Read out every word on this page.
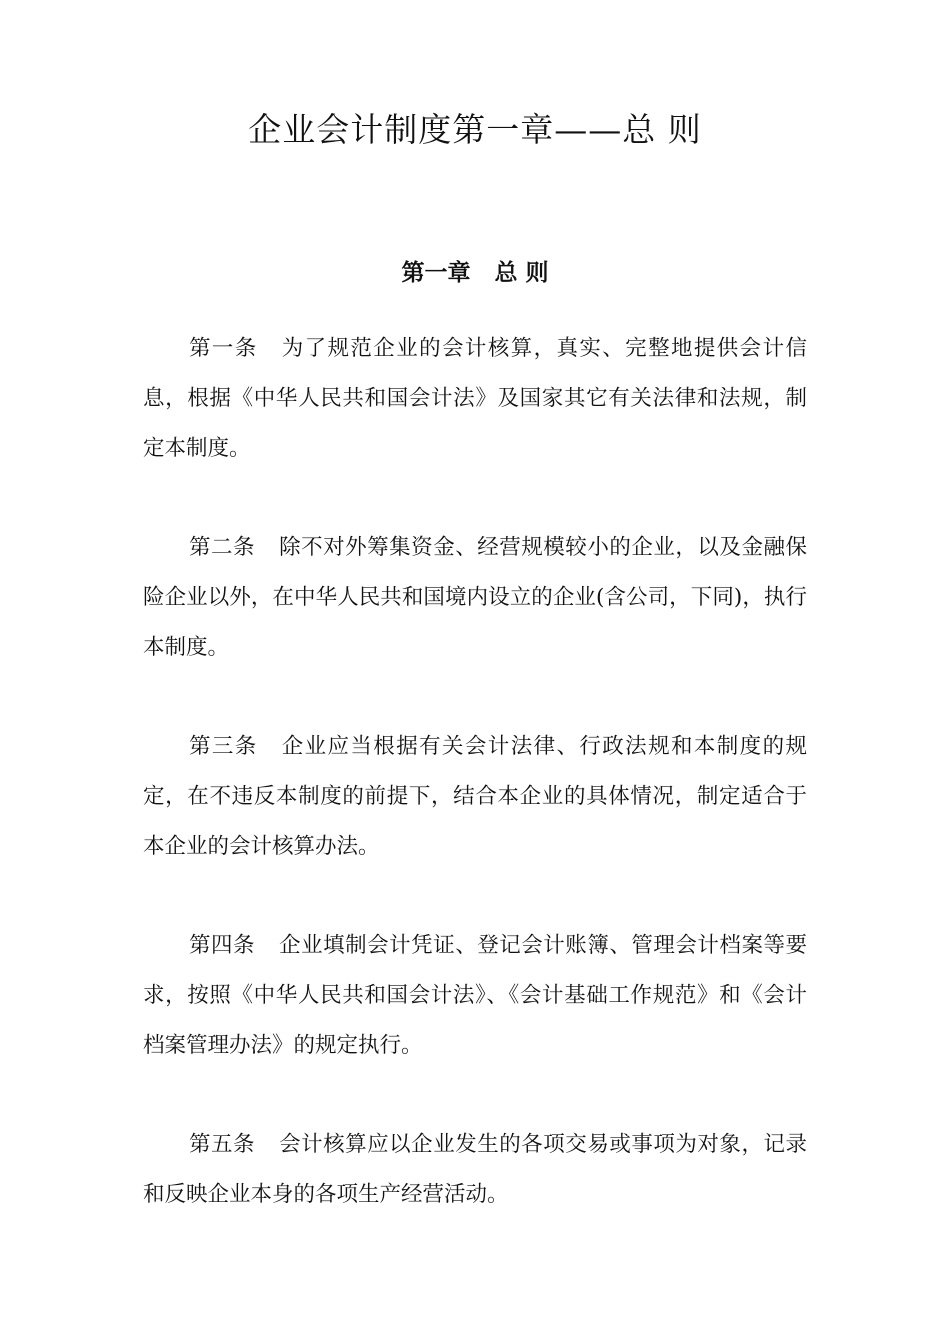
企业会计制度第一章——总 则
第一章 总 则

第一条 为了规范企业的会计核算，真实、完整地提供会计信息，根据《中华人民共和国会计法》及国家其它有关法律和法规，制定本制度。

第二条 除不对外筹集资金、经营规模较小的企业，以及金融保险企业以外，在中华人民共和国境内设立的企业(含公司，下同)，执行本制度。

第三条 企业应当根据有关会计法律、行政法规和本制度的规定，在不违反本制度的前提下，结合本企业的具体情况，制定适合于本企业的会计核算办法。

第四条 企业填制会计凭证、登记会计账簿、管理会计档案等要求，按照《中华人民共和国会计法》、《会计基础工作规范》和《会计档案管理办法》的规定执行。

第五条 会计核算应以企业发生的各项交易或事项为对象，记录和反映企业本身的各项生产经营活动。
